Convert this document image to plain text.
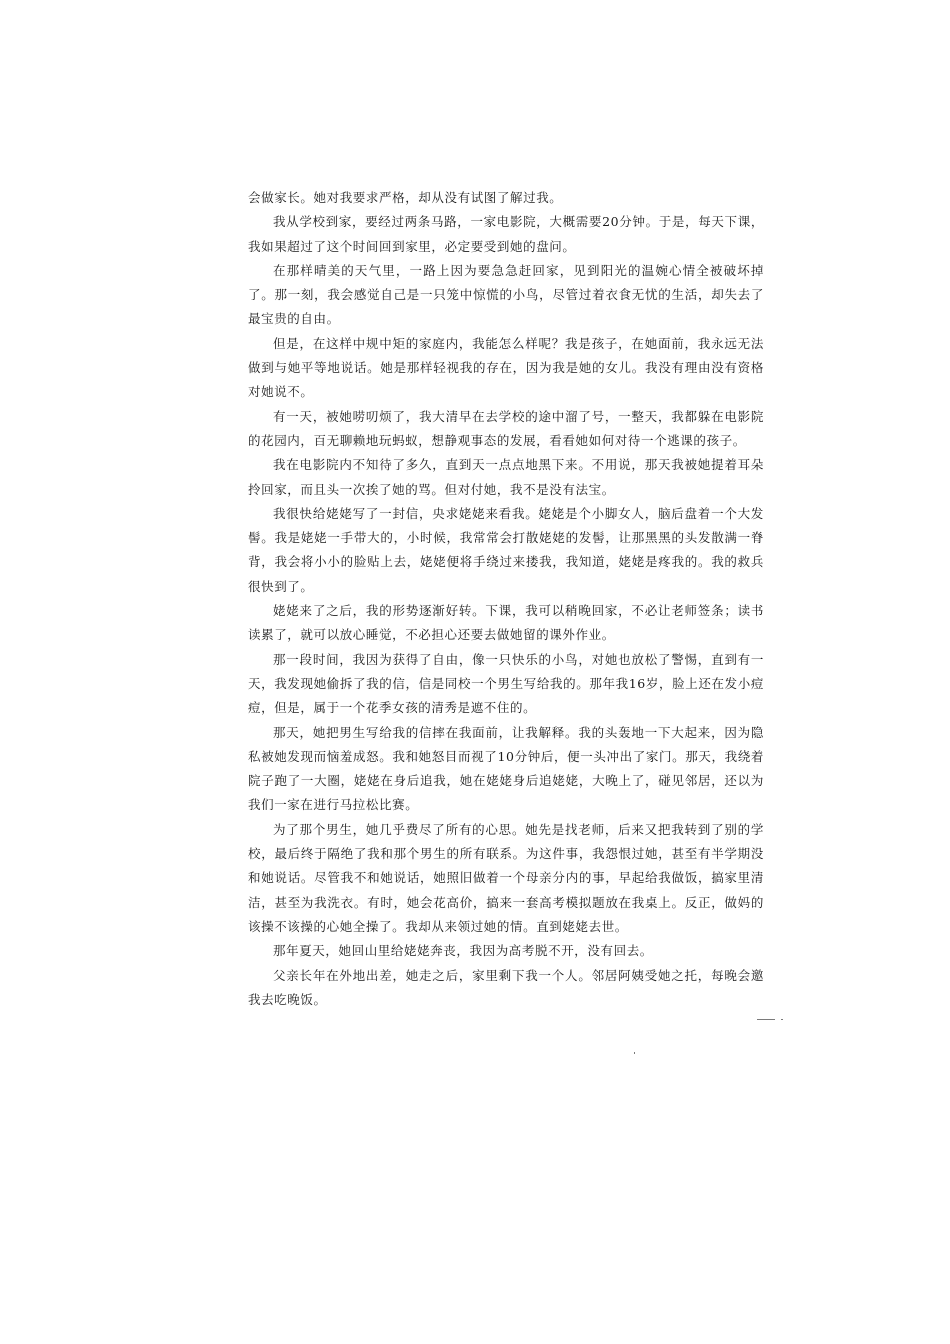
会做家长。她对我要求严格，却从没有试图了解过我。

我从学校到家，要经过两条马路，一家电影院，大概需要20分钟。于是，每天下课，我如果超过了这个时间回到家里，必定要受到她的盘问。

在那样晴美的天气里，一路上因为要急急赶回家，见到阳光的温婉心情全被破坏掉了。那一刻，我会感觉自己是一只笼中惊慌的小鸟，尽管过着衣食无忧的生活，却失去了最宝贵的自由。

但是，在这样中规中矩的家庭内，我能怎么样呢？我是孩子，在她面前，我永远无法做到与她平等地说话。她是那样轻视我的存在，因为我是她的女儿。我没有理由没有资格对她说不。

有一天，被她唠叨烦了，我大清早在去学校的途中溜了号，一整天，我都躲在电影院的花园内，百无聊赖地玩蚂蚁，想静观事态的发展，看看她如何对待一个逃课的孩子。

我在电影院内不知待了多久，直到天一点点地黑下来。不用说，那天我被她提着耳朵拎回家，而且头一次挨了她的骂。但对付她，我不是没有法宝。

我很快给姥姥写了一封信，央求姥姥来看我。姥姥是个小脚女人，脑后盘着一个大发髻。我是姥姥一手带大的，小时候，我常常会打散姥姥的发髻，让那黑黑的头发散满一脊背，我会将小小的脸贴上去，姥姥便将手绕过来搂我，我知道，姥姥是疼我的。我的救兵很快到了。

姥姥来了之后，我的形势逐渐好转。下课，我可以稍晚回家，不必让老师签条；读书读累了，就可以放心睡觉，不必担心还要去做她留的课外作业。

那一段时间，我因为获得了自由，像一只快乐的小鸟，对她也放松了警惕，直到有一天，我发现她偷拆了我的信，信是同校一个男生写给我的。那年我16岁，脸上还在发小痘痘，但是，属于一个花季女孩的清秀是遮不住的。

那天，她把男生写给我的信摔在我面前，让我解释。我的头轰地一下大起来，因为隐私被她发现而恼羞成怒。我和她怒目而视了10分钟后，便一头冲出了家门。那天，我绕着院子跑了一大圈，姥姥在身后追我，她在姥姥身后追姥姥，大晚上了，碰见邻居，还以为我们一家在进行马拉松比赛。

为了那个男生，她几乎费尽了所有的心思。她先是找老师，后来又把我转到了别的学校，最后终于隔绝了我和那个男生的所有联系。为这件事，我怨恨过她，甚至有半学期没和她说话。尽管我不和她说话，她照旧做着一个母亲分内的事，早起给我做饭，搞家里清洁，甚至为我洗衣。有时，她会花高价，搞来一套高考模拟题放在我桌上。反正，做妈的该操不该操的心她全操了。我却从来领过她的情。直到姥姥去世。

那年夏天，她回山里给姥姥奔丧，我因为高考脱不开，没有回去。

父亲长年在外地出差，她走之后，家里剩下我一个人。邻居阿姨受她之托，每晚会邀我去吃晚饭。
